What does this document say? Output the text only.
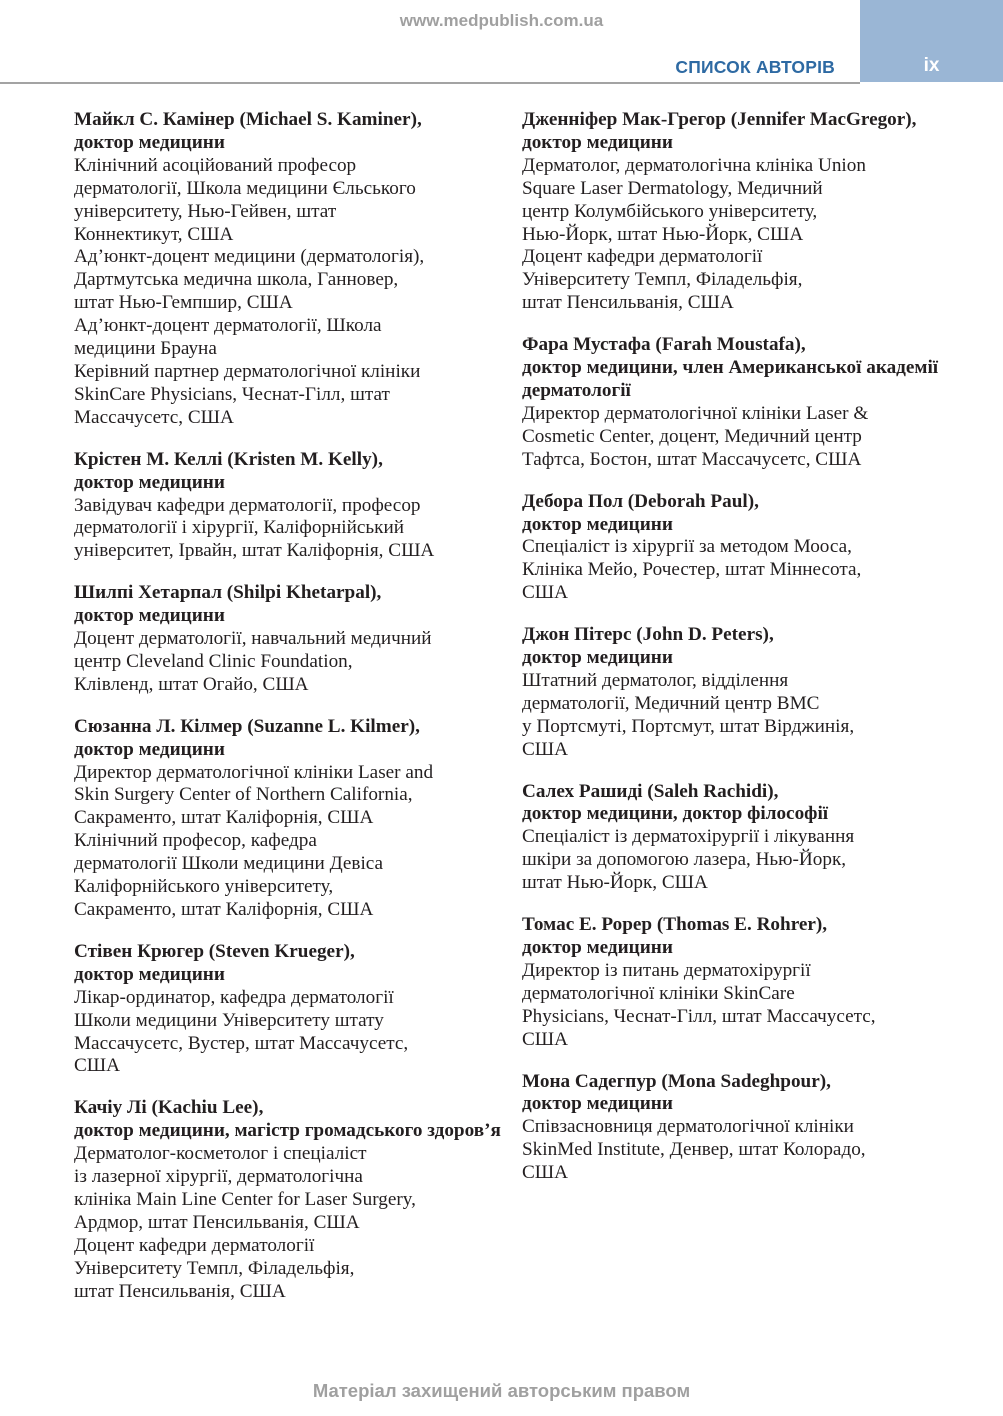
www.medpublish.com.ua
СПИСОК АВТОРІВ	ix
Майкл С. Камінер (Michael S. Kaminer),
доктор медицини
Клінічний асоційований професор
дерматології, Школа медицини Єльського
університету, Нью-Гейвен, штат
Коннектикут, США
Ад’юнкт-доцент медицини (дерматологія),
Дартмутська медична школа, Ганновер,
штат Нью-Гемпшир, США
Ад’юнкт-доцент дерматології, Школа
медицини Брауна
Керівний партнер дерматологічної клініки
SkinCare Physicians, Чеснат-Гілл, штат
Массачусетс, США
Крістен М. Келлі (Kristen M. Kelly),
доктор медицини
Завідувач кафедри дерматології, професор
дерматології і хірургії, Каліфорнійський
університет, Ірвайн, штат Каліфорнія, США
Шилпі Хетарпал (Shilpi Khetarpal),
доктор медицини
Доцент дерматології, навчальний медичний
центр Cleveland Clinic Foundation,
Клівленд, штат Огайо, США
Сюзанна Л. Кілмер (Suzanne L. Kilmer),
доктор медицини
Директор дерматологічної клініки Laser and
Skin Surgery Center of Northern California,
Сакраменто, штат Каліфорнія, США
Клінічний професор, кафедра
дерматології Школи медицини Девіса
Каліфорнійського університету,
Сакраменто, штат Каліфорнія, США
Стівен Крюгер (Steven Krueger),
доктор медицини
Лікар-ординатор, кафедра дерматології
Школи медицини Університету штату
Массачусетс, Вустер, штат Массачусетс,
США
Качіу Лі (Kachiu Lee),
доктор медицини, магістр громадського здоров’я
Дерматолог-косметолог і спеціаліст
із лазерної хірургії, дерматологічна
клініка Main Line Center for Laser Surgery,
Ардмор, штат Пенсильванія, США
Доцент кафедри дерматології
Університету Темпл, Філадельфія,
штат Пенсильванія, США
Дженніфер Мак-Грегор (Jennifer MacGregor),
доктор медицини
Дерматолог, дерматологічна клініка Union
Square Laser Dermatology, Медичний
центр Колумбійського університету,
Нью-Йорк, штат Нью-Йорк, США
Доцент кафедри дерматології
Університету Темпл, Філадельфія,
штат Пенсильванія, США
Фара Мустафа (Farah Moustafa),
доктор медицини, член Американської академії дерматології
Директор дерматологічної клініки Laser &
Cosmetic Center, доцент, Медичний центр
Тафтса, Бостон, штат Массачусетс, США
Дебора Пол (Deborah Paul),
доктор медицини
Спеціаліст із хірургії за методом Мооса,
Клініка Мейо, Рочестер, штат Міннесота,
США
Джон Пітерс (John D. Peters),
доктор медицини
Штатний дерматолог, відділення
дерматології, Медичний центр ВМС
у Портсмуті, Портсмут, штат Вірджинія,
США
Салех Рашиді (Saleh Rachidi),
доктор медицини, доктор філософії
Спеціаліст із дерматохірургії і лікування
шкіри за допомогою лазера, Нью-Йорк,
штат Нью-Йорк, США
Томас Е. Рорер (Thomas E. Rohrer),
доктор медицини
Директор із питань дерматохірургії
дерматологічної клініки SkinCare
Physicians, Чеснат-Гілл, штат Массачусетс,
США
Мона Садегпур (Mona Sadeghpour),
доктор медицини
Співзасновниця дерматологічної клініки
SkinMed Institute, Денвер, штат Колорадо,
США
Матеріал захищений авторським правом
